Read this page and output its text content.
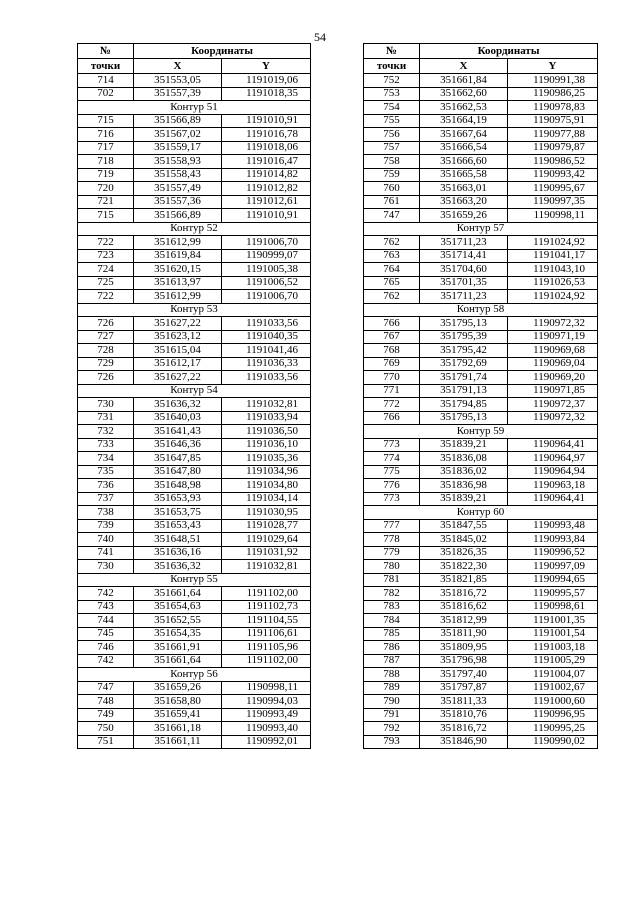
54
№	Координаты	
точки	X	Y
714	351553,05	1191019,06
702	351557,39	1191018,35
Контур 51		
715	351566,89	1191010,91
716	351567,02	1191016,78
717	351559,17	1191018,06
718	351558,93	1191016,47
719	351558,43	1191014,82
720	351557,49	1191012,82
721	351557,36	1191012,61
715	351566,89	1191010,91
Контур 52		
722	351612,99	1191006,70
723	351619,84	1190999,07
724	351620,15	1191005,38
725	351613,97	1191006,52
722	351612,99	1191006,70
Контур 53		
726	351627,22	1191033,56
727	351623,12	1191040,35
728	351615,04	1191041,46
729	351612,17	1191036,33
726	351627,22	1191033,56
Контур 54		
730	351636,32	1191032,81
731	351640,03	1191033,94
732	351641,43	1191036,50
733	351646,36	1191036,10
734	351647,85	1191035,36
735	351647,80	1191034,96
736	351648,98	1191034,80
737	351653,93	1191034,14
738	351653,75	1191030,95
739	351653,43	1191028,77
740	351648,51	1191029,64
741	351636,16	1191031,92
730	351636,32	1191032,81
Контур 55		
742	351661,64	1191102,00
743	351654,63	1191102,73
744	351652,55	1191104,55
745	351654,35	1191106,61
746	351661,91	1191105,96
742	351661,64	1191102,00
Контур 56		
747	351659,26	1190998,11
748	351658,80	1190994,03
749	351659,41	1190993,49
750	351661,18	1190993,40
751	351661,11	1190992,01
№	Координаты	
точки	X	Y
752	351661,84	1190991,38
753	351662,60	1190986,25
754	351662,53	1190978,83
755	351664,19	1190975,91
756	351667,64	1190977,88
757	351666,54	1190979,87
758	351666,60	1190986,52
759	351665,58	1190993,42
760	351663,01	1190995,67
761	351663,20	1190997,35
747	351659,26	1190998,11
Контур 57		
762	351711,23	1191024,92
763	351714,41	1191041,17
764	351704,60	1191043,10
765	351701,35	1191026,53
762	351711,23	1191024,92
Контур 58		
766	351795,13	1190972,32
767	351795,39	1190971,19
768	351795,42	1190969,68
769	351792,69	1190969,04
770	351791,74	1190969,20
771	351791,13	1190971,85
772	351794,85	1190972,37
766	351795,13	1190972,32
Контур 59		
773	351839,21	1190964,41
774	351836,08	1190964,97
775	351836,02	1190964,94
776	351836,98	1190963,18
773	351839,21	1190964,41
Контур 60		
777	351847,55	1190993,48
778	351845,02	1190993,84
779	351826,35	1190996,52
780	351822,30	1190997,09
781	351821,85	1190994,65
782	351816,72	1190995,57
783	351816,62	1190998,61
784	351812,99	1191001,35
785	351811,90	1191001,54
786	351809,95	1191003,18
787	351796,98	1191005,29
788	351797,40	1191004,07
789	351797,87	1191002,67
790	351811,33	1191000,60
791	351810,76	1190996,95
792	351816,72	1190995,25
793	351846,90	1190990,02
